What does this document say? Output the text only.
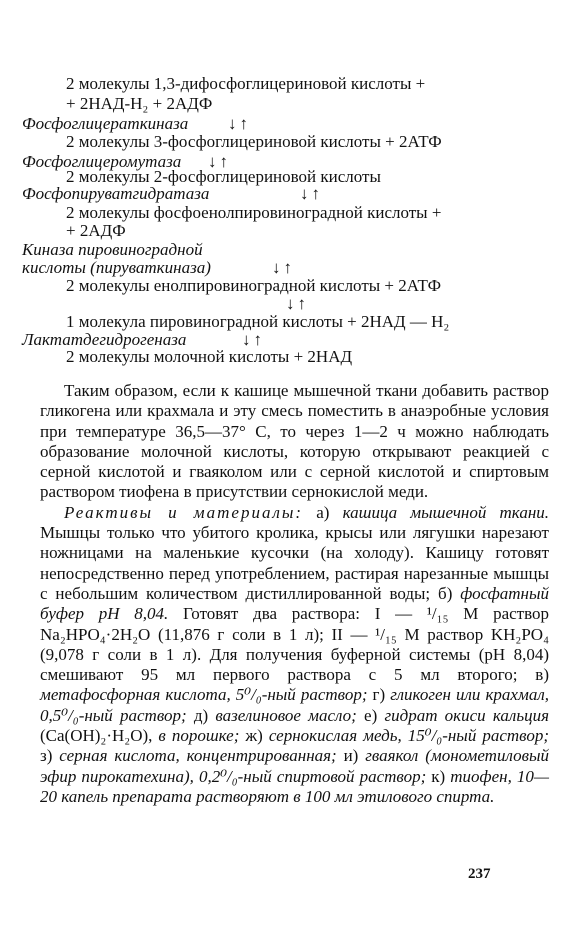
2 молекулы 1,3-дифосфоглицериновой кислоты +
+ 2НАД-Н₂ + 2АДФ
Фосфоглицераткиназа ↓↑
2 молекулы 3-фосфоглицериновой кислоты + 2АТФ
Фосфоглицеромутаза ↓↑
2 молекулы 2-фосфоглицериновой кислоты
Фосфопируватгидратаза	↓↑
2 молекулы фосфоенолпировиноградной кислоты +
+ 2АДФ
Киназа пировиноградной
кислоты (пируваткиназа)	↓↑
2 молекулы енолпировиноградной кислоты + 2АТФ
↓↑
1 молекула пировиноградной кислоты + 2НАД — Н₂
Лактатдегидрогеназа	↓↑
2 молекулы молочной кислоты + 2НАД

Таким образом, если к кашице мышечной ткани добавить раствор гликогена или крахмала и эту смесь поместить в анаэробные условия при температуре 36,5—37° С, то через 1—2 ч можно наблюдать образование молочной кислоты, которую открывают реакцией с серной кислотой и гваяколом или с серной кислотой и спиртовым раствором тиофена в присутствии сернокислой меди.

Реактивы и материалы: а) кашица мышечной ткани. Мышцы только что убитого кролика, крысы или лягушки нарезают ножницами на маленькие кусочки (на холоду). Кашицу готовят непосредственно перед употреблением, растирая нарезанные мышцы с небольшим количеством дистиллированной воды; б) фосфатный буфер рН 8,04. Готовят два раствора: I — ¹/₁₅ М раствор Na₂HPO₄·2H₂O (11,876 г соли в 1 л); II — ¹/₁₅ М раствор KH₂PO₄ (9,078 г соли в 1 л). Для получения буферной системы (рН 8,04) смешивают 95 мл первого раствора с 5 мл второго; в) метафосфорная кислота, 5⁰/₀-ный раствор; г) гликоген или крахмал, 0,5⁰/₀-ный раствор; д) вазелиновое масло; е) гидрат окиси кальция (Ca(OH)₂·H₂O), в порошке; ж) сернокислая медь, 15⁰/₀-ный раствор; з) серная кислота, концентрированная; и) гваякол (монометиловый эфир пирокатехина), 0,2⁰/₀-ный спиртовой раствор; к) тиофен, 10—20 капель препарата растворяют в 100 мл этилового спирта.

237
